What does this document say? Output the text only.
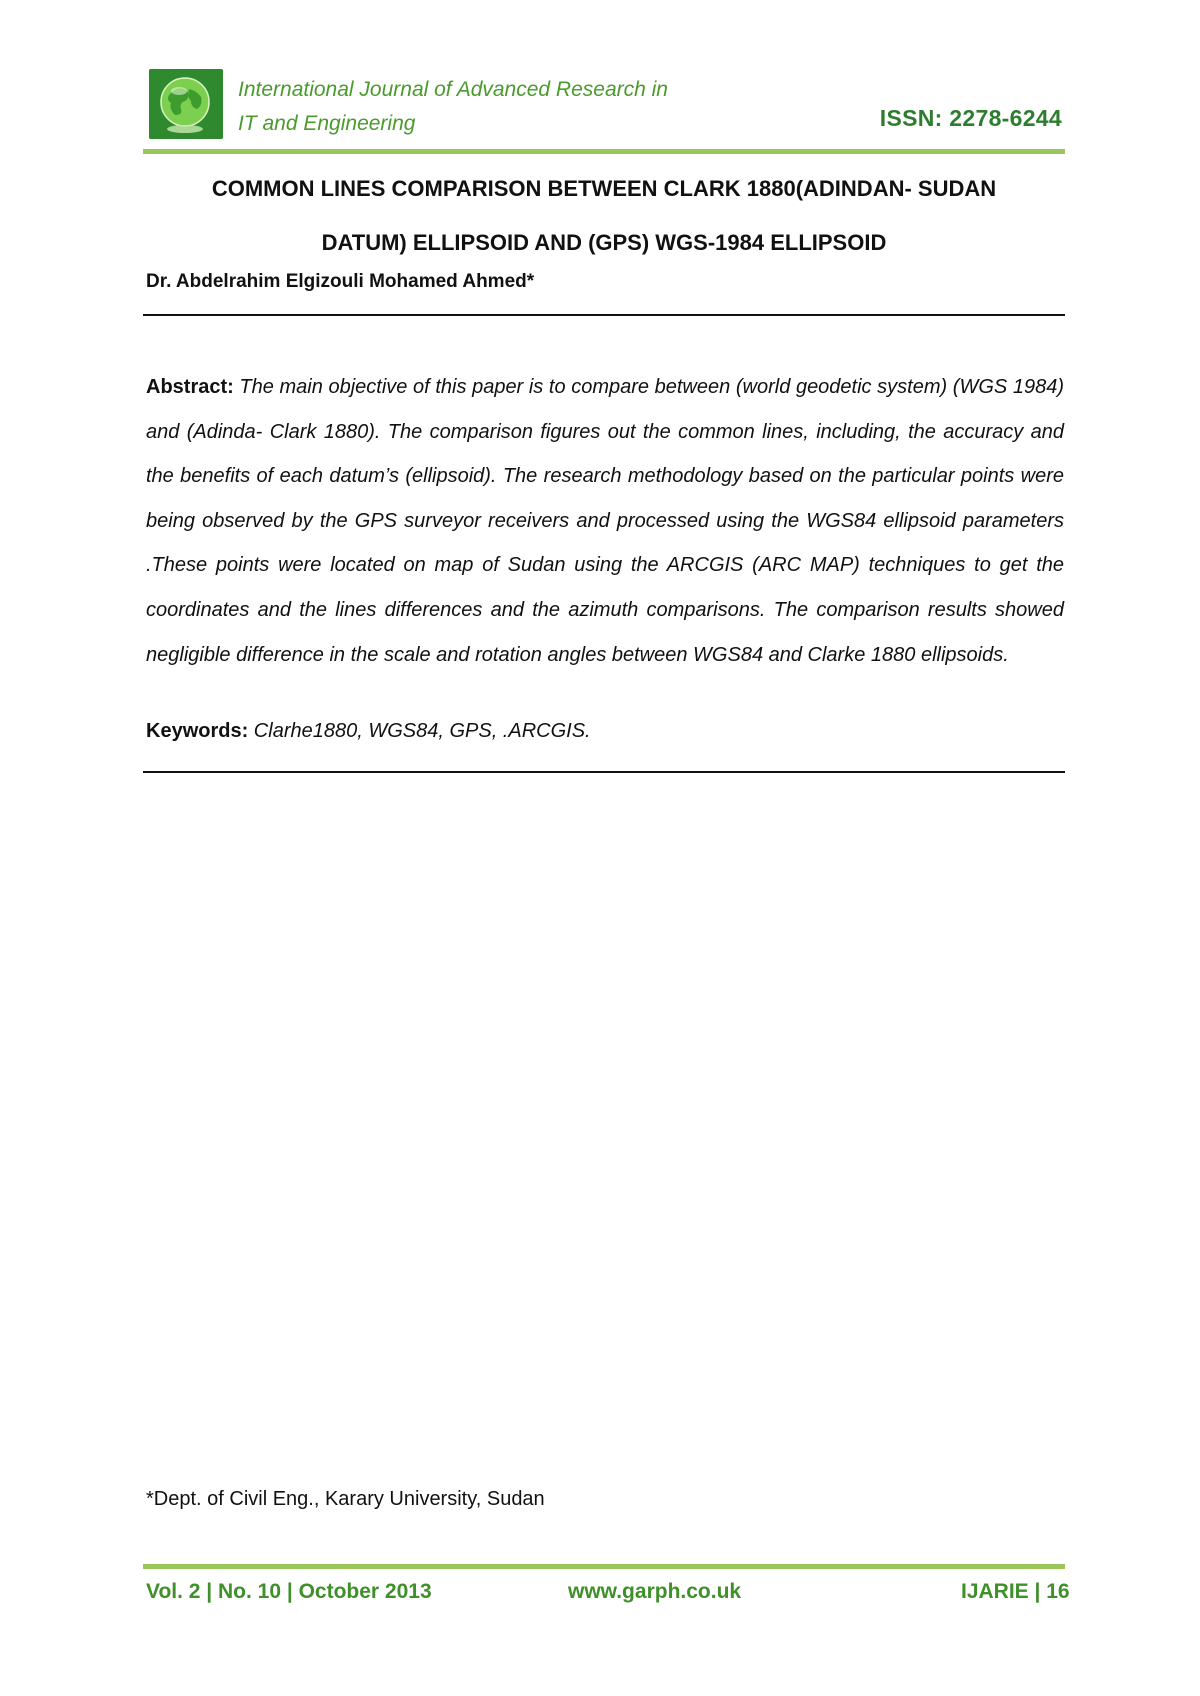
International Journal of Advanced Research in
IT and Engineering	ISSN: 2278-6244
COMMON LINES COMPARISON BETWEEN CLARK 1880(ADINDAN- SUDAN
DATUM) ELLIPSOID AND (GPS) WGS-1984 ELLIPSOID
Dr. Abdelrahim Elgizouli Mohamed Ahmed*
Abstract: The main objective of this paper is to compare between (world geodetic system) (WGS 1984) and (Adinda- Clark 1880). The comparison figures out the common lines, including, the accuracy and the benefits of each datum’s (ellipsoid). The research methodology based on the particular points were being observed by the GPS surveyor receivers and processed using the WGS84 ellipsoid parameters .These points were located on map of Sudan using the ARCGIS (ARC MAP) techniques to get the coordinates and the lines differences and the azimuth comparisons. The comparison results showed negligible difference in the scale and rotation angles between WGS84 and Clarke 1880 ellipsoids.
Keywords: Clarhe1880, WGS84, GPS, .ARCGIS.
*Dept. of Civil Eng., Karary University, Sudan
Vol. 2 | No. 10 | October 2013	www.garph.co.uk	IJARIE | 16
